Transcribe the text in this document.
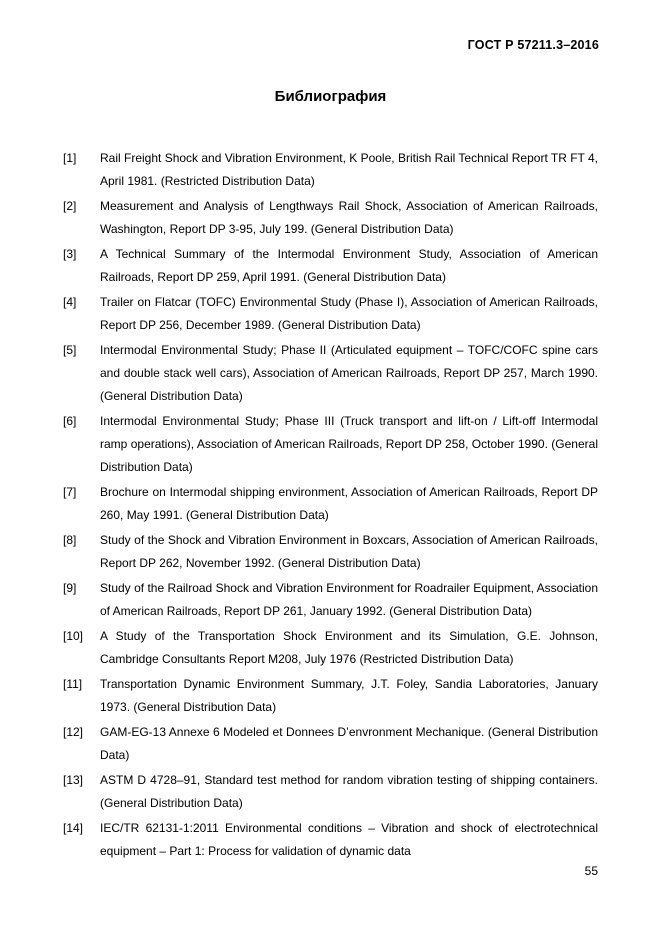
ГОСТ Р 57211.3–2016
Библиография
[1]	Rail Freight Shock and Vibration Environment, K Poole, British Rail Technical Report TR FT 4, April 1981. (Restricted Distribution Data)
[2]	Measurement and Analysis of Lengthways Rail Shock, Association of American Railroads, Washington, Report DP 3-95, July 199. (General Distribution Data)
[3]	A Technical Summary of the Intermodal Environment Study, Association of American Railroads, Report DP 259, April 1991. (General Distribution Data)
[4]	Trailer on Flatcar (TOFC) Environmental Study (Phase I), Association of American Railroads, Report DP 256, December 1989. (General Distribution Data)
[5]	Intermodal Environmental Study; Phase II (Articulated equipment – TOFC/COFC spine cars and double stack well cars), Association of American Railroads, Report DP 257, March 1990. (General Distribution Data)
[6]	Intermodal Environmental Study; Phase III (Truck transport and lift-on / Lift-off Intermodal ramp operations), Association of American Railroads, Report DP 258, October 1990. (General Distribution Data)
[7]	Brochure on Intermodal shipping environment, Association of American Railroads, Report DP 260, May 1991. (General Distribution Data)
[8]	Study of the Shock and Vibration Environment in Boxcars, Association of American Railroads, Report DP 262, November 1992. (General Distribution Data)
[9]	Study of the Railroad Shock and Vibration Environment for Roadrailer Equipment, Association of American Railroads, Report DP 261, January 1992. (General Distribution Data)
[10]	A Study of the Transportation Shock Environment and its Simulation, G.E. Johnson, Cambridge Consultants Report M208, July 1976 (Restricted Distribution Data)
[11]	Transportation Dynamic Environment Summary, J.T. Foley, Sandia Laboratories, January 1973. (General Distribution Data)
[12]	GAM-EG-13 Annexe 6 Modeled et Donnees D’envronment Mechanique. (General Distribution Data)
[13]	ASTM D 4728–91, Standard test method for random vibration testing of shipping containers. (General Distribution Data)
[14]	IEC/TR 62131-1:2011 Environmental conditions – Vibration and shock of electrotechnical equipment – Part 1: Process for validation of dynamic data
55
